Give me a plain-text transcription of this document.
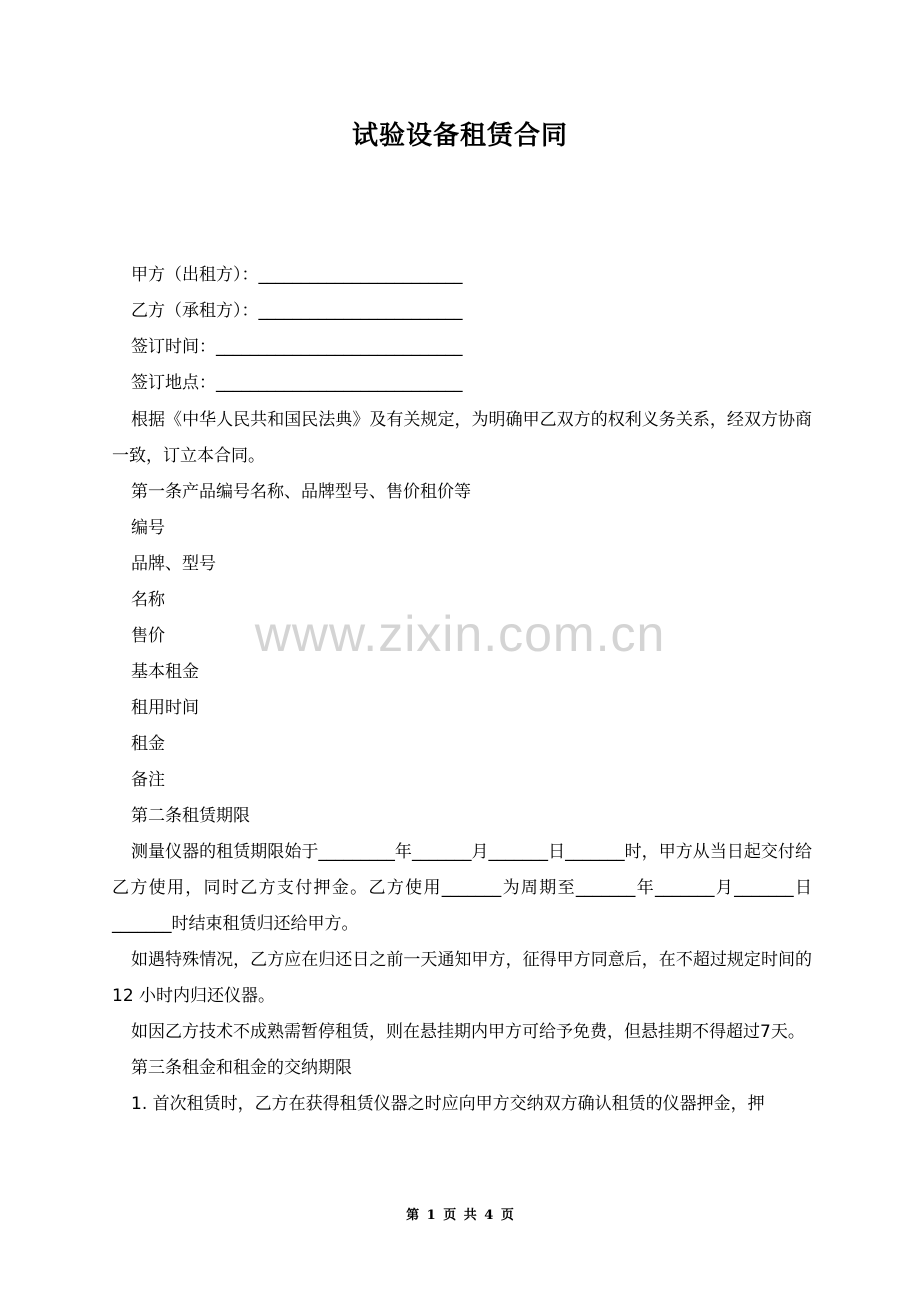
试验设备租赁合同
甲方（出租方）：________________________
乙方（承租方）：________________________
签订时间：_____________________________
签订地点：_____________________________

根据《中华人民共和国民法典》及有关规定，为明确甲乙双方的权利义务关系，经双方协商一致，订立本合同。

第一条产品编号名称、品牌型号、售价租价等

编号

品牌、型号

名称

售价

基本租金

租用时间

租金

备注

第二条租赁期限

测量仪器的租赁期限始于_________年_______月_______日_______时，甲方从当日起交付给乙方使用，同时乙方支付押金。乙方使用_______为周期至_______年_______月_______日_______时结束租赁归还给甲方。

如遇特殊情况，乙方应在归还日之前一天通知甲方，征得甲方同意后，在不超过规定时间的 12 小时内归还仪器。

如因乙方技术不成熟需暂停租赁，则在悬挂期内甲方可给予免费，但悬挂期不得超过7天。

第三条租金和租金的交纳期限

1. 首次租赁时，乙方在获得租赁仪器之时应向甲方交纳双方确认租赁的仪器押金，押

www.zixin.com.cn
第 1 页 共 4 页
